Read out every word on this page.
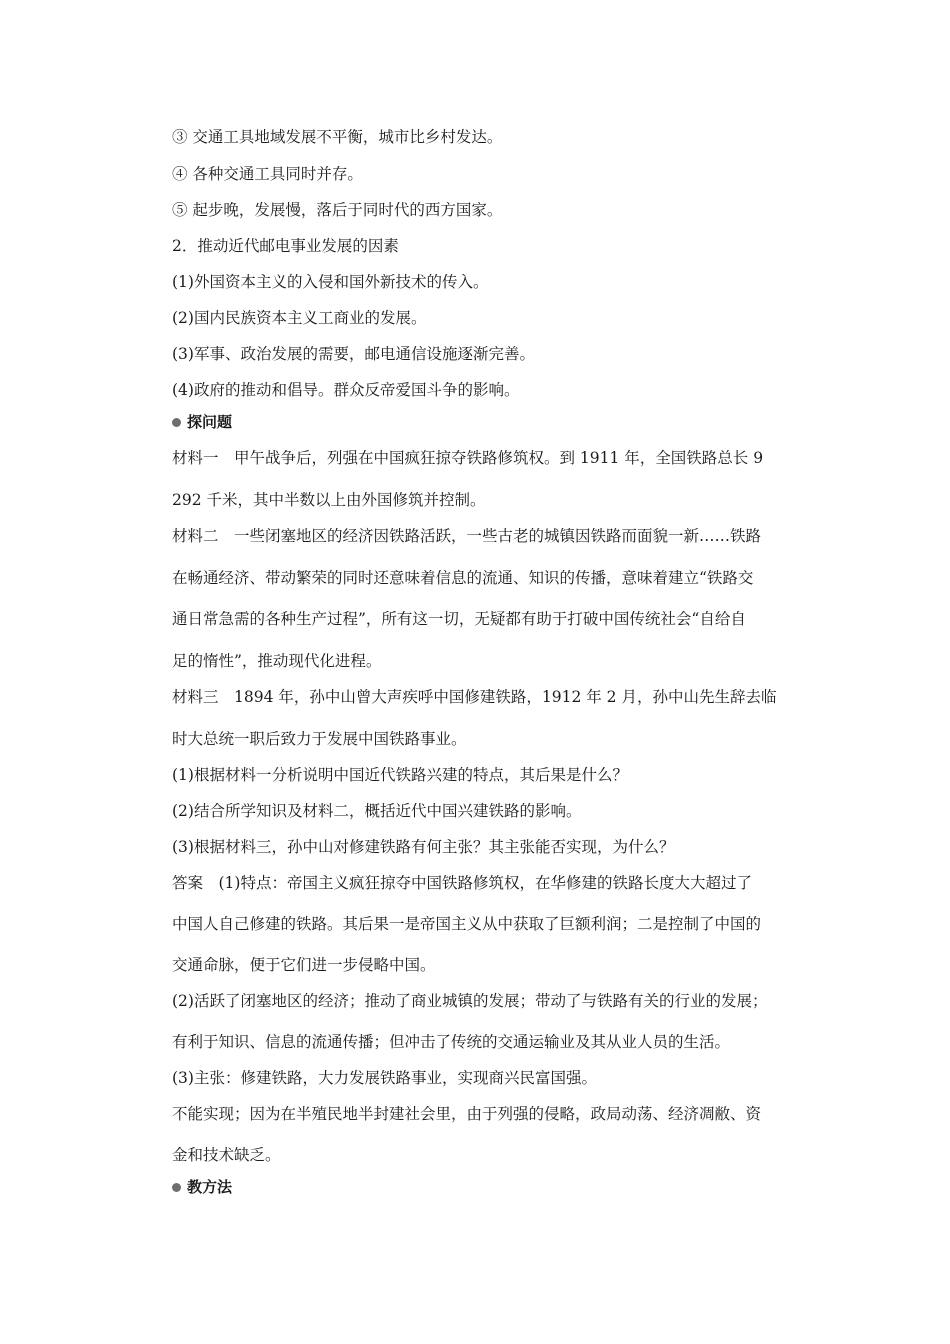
③ 交通工具地域发展不平衡，城市比乡村发达。
④ 各种交通工具同时并存。
⑤ 起步晚，发展慢，落后于同时代的西方国家。
2．推动近代邮电事业发展的因素
(1)外国资本主义的入侵和国外新技术的传入。
(2)国内民族资本主义工商业的发展。
(3)军事、政治发展的需要，邮电通信设施逐渐完善。
(4)政府的推动和倡导。群众反帝爱国斗争的影响。
探问题
材料一　甲午战争后，列强在中国疯狂掠夺铁路修筑权。到 1911 年，全国铁路总长 9
292 千米，其中半数以上由外国修筑并控制。
材料二　一些闭塞地区的经济因铁路活跃，一些古老的城镇因铁路而面貌一新……铁路
在畅通经济、带动繁荣的同时还意味着信息的流通、知识的传播，意味着建立“铁路交
通日常急需的各种生产过程”，所有这一切，无疑都有助于打破中国传统社会“自给自
足的惰性”，推动现代化进程。
材料三　1894 年，孙中山曾大声疾呼中国修建铁路，1912 年 2 月，孙中山先生辞去临
时大总统一职后致力于发展中国铁路事业。
(1)根据材料一分析说明中国近代铁路兴建的特点，其后果是什么？
(2)结合所学知识及材料二，概括近代中国兴建铁路的影响。
(3)根据材料三，孙中山对修建铁路有何主张？其主张能否实现，为什么？
答案　(1)特点：帝国主义疯狂掠夺中国铁路修筑权，在华修建的铁路长度大大超过了
中国人自己修建的铁路。其后果一是帝国主义从中获取了巨额利润；二是控制了中国的
交通命脉，便于它们进一步侵略中国。
(2)活跃了闭塞地区的经济；推动了商业城镇的发展；带动了与铁路有关的行业的发展；
有利于知识、信息的流通传播；但冲击了传统的交通运输业及其从业人员的生活。
(3)主张：修建铁路，大力发展铁路事业，实现商兴民富国强。
不能实现；因为在半殖民地半封建社会里，由于列强的侵略，政局动荡、经济凋敝、资
金和技术缺乏。
教方法
